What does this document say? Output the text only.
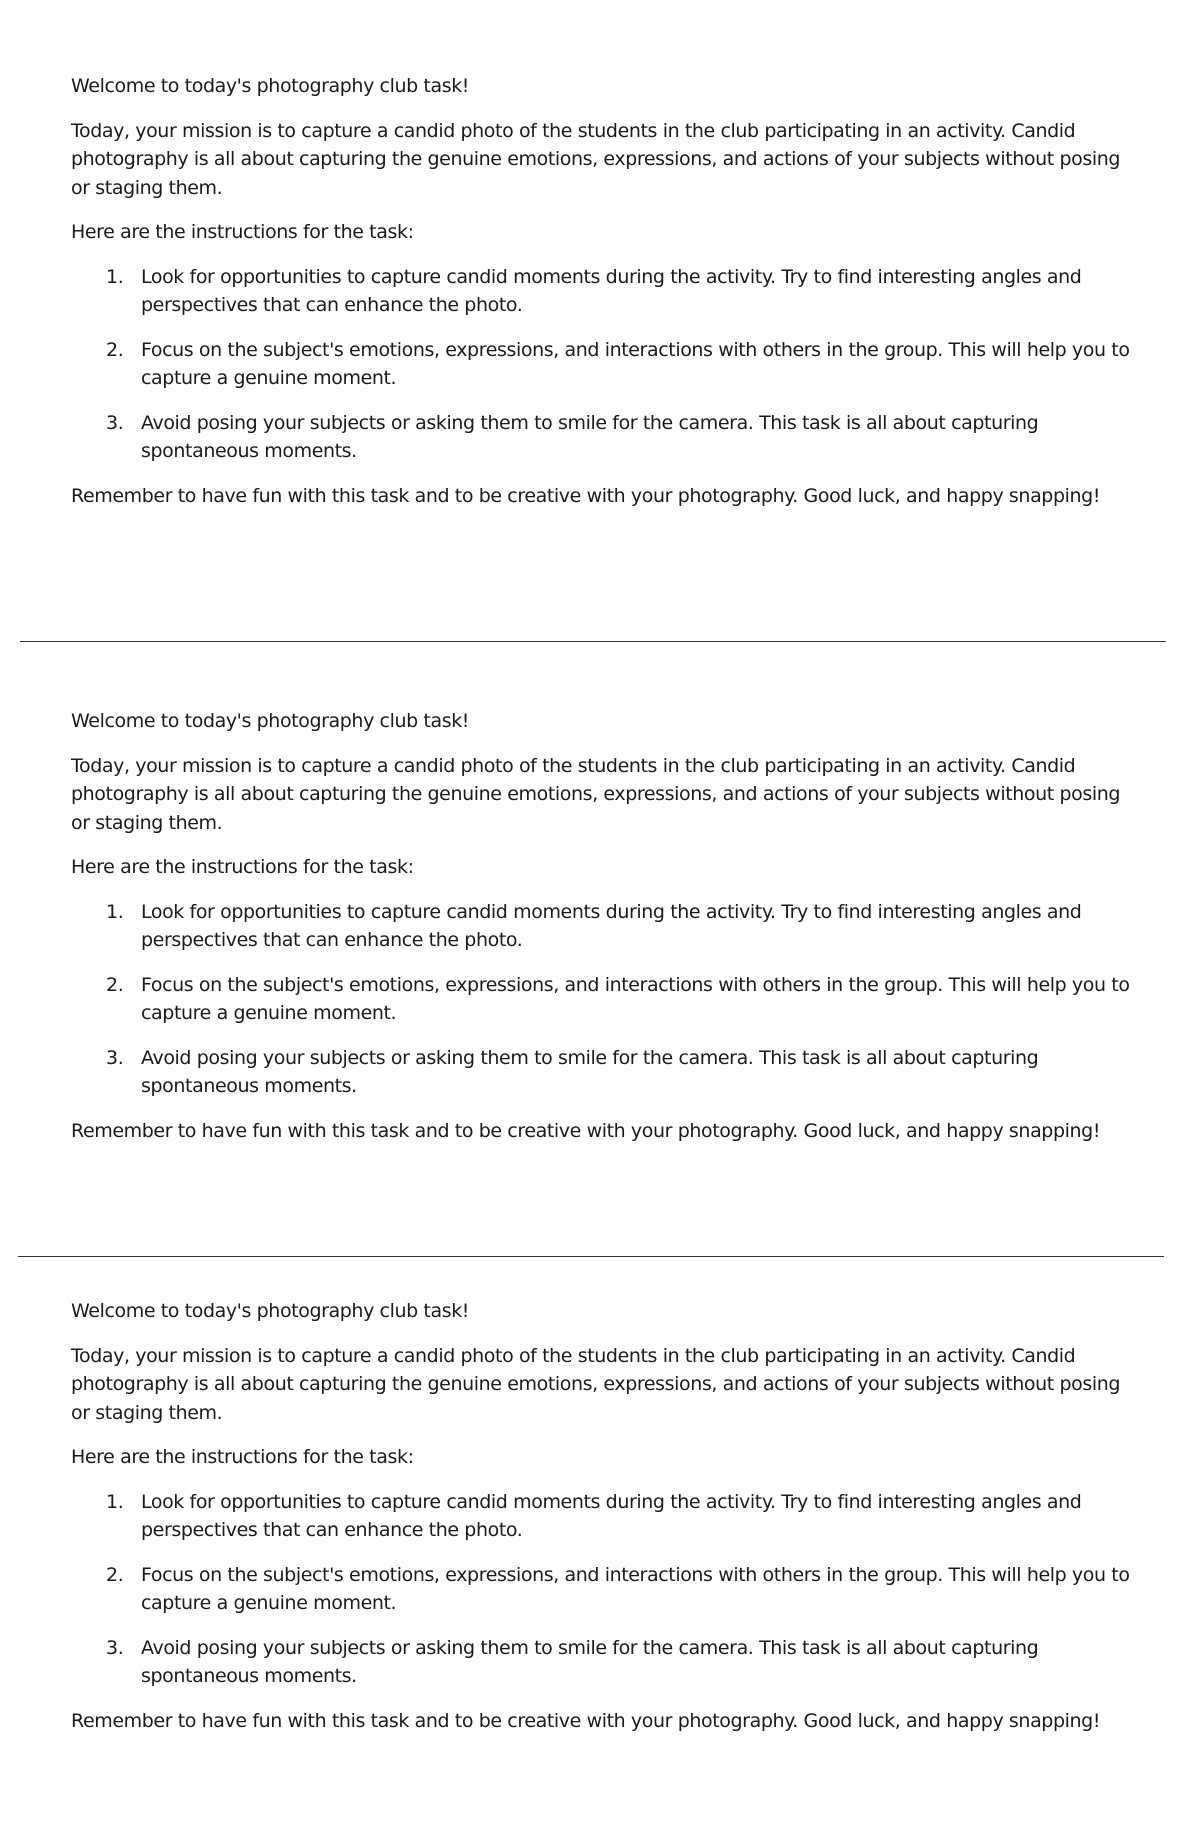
Welcome to today's photography club task!

Today, your mission is to capture a candid photo of the students in the club participating in an activity. Candid photography is all about capturing the genuine emotions, expressions, and actions of your subjects without posing or staging them.

Here are the instructions for the task:

1. Look for opportunities to capture candid moments during the activity. Try to find interesting angles and perspectives that can enhance the photo.
2. Focus on the subject's emotions, expressions, and interactions with others in the group. This will help you to capture a genuine moment.
3. Avoid posing your subjects or asking them to smile for the camera. This task is all about capturing spontaneous moments.

Remember to have fun with this task and to be creative with your photography. Good luck, and happy snapping!

Welcome to today's photography club task!

Today, your mission is to capture a candid photo of the students in the club participating in an activity. Candid photography is all about capturing the genuine emotions, expressions, and actions of your subjects without posing or staging them.

Here are the instructions for the task:

1. Look for opportunities to capture candid moments during the activity. Try to find interesting angles and perspectives that can enhance the photo.
2. Focus on the subject's emotions, expressions, and interactions with others in the group. This will help you to capture a genuine moment.
3. Avoid posing your subjects or asking them to smile for the camera. This task is all about capturing spontaneous moments.

Remember to have fun with this task and to be creative with your photography. Good luck, and happy snapping!

Welcome to today's photography club task!

Today, your mission is to capture a candid photo of the students in the club participating in an activity. Candid photography is all about capturing the genuine emotions, expressions, and actions of your subjects without posing or staging them.

Here are the instructions for the task:

1. Look for opportunities to capture candid moments during the activity. Try to find interesting angles and perspectives that can enhance the photo.
2. Focus on the subject's emotions, expressions, and interactions with others in the group. This will help you to capture a genuine moment.
3. Avoid posing your subjects or asking them to smile for the camera. This task is all about capturing spontaneous moments.

Remember to have fun with this task and to be creative with your photography. Good luck, and happy snapping!
